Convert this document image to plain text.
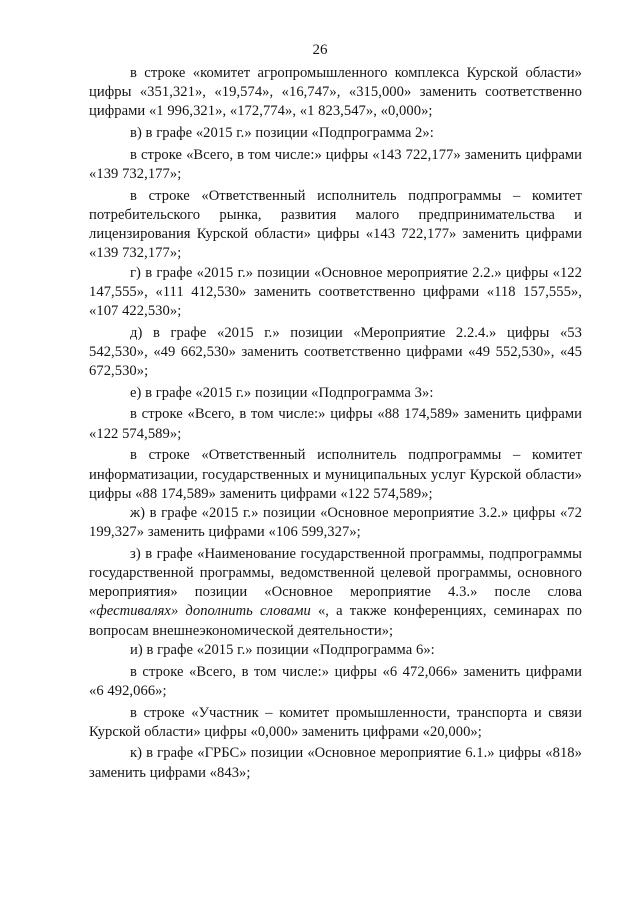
26

в строке «комитет агропромышленного комплекса Курской области» цифры «351,321», «19,574», «16,747», «315,000» заменить соответственно цифрами «1 996,321», «172,774», «1 823,547», «0,000»;

в) в графе «2015 г.» позиции «Подпрограмма 2»:

в строке «Всего, в том числе:» цифры «143 722,177» заменить цифрами «139 732,177»;

в строке «Ответственный исполнитель подпрограммы – комитет потребительского рынка, развития малого предпринимательства и лицензирования Курской области» цифры «143 722,177» заменить цифрами «139 732,177»;

г) в графе «2015 г.» позиции «Основное мероприятие 2.2.» цифры «122 147,555», «111 412,530» заменить соответственно цифрами «118 157,555», «107 422,530»;

д) в графе «2015 г.» позиции «Мероприятие 2.2.4.» цифры «53 542,530», «49 662,530» заменить соответственно цифрами «49 552,530», «45 672,530»;

е) в графе «2015 г.» позиции «Подпрограмма 3»:

в строке «Всего, в том числе:» цифры «88 174,589» заменить цифрами «122 574,589»;

в строке «Ответственный исполнитель подпрограммы – комитет информатизации, государственных и муниципальных услуг Курской области» цифры «88 174,589» заменить цифрами «122 574,589»;

ж) в графе «2015 г.» позиции «Основное мероприятие 3.2.» цифры «72 199,327» заменить цифрами «106 599,327»;

з) в графе «Наименование государственной программы, подпрограммы государственной программы, ведомственной целевой программы, основного мероприятия» позиции «Основное мероприятие 4.3.» после слова «фестивалях» дополнить словами «, а также конференциях, семинарах по вопросам внешнеэкономической деятельности»;

и) в графе «2015 г.» позиции «Подпрограмма 6»:

в строке «Всего, в том числе:» цифры «6 472,066» заменить цифрами «6 492,066»;

в строке «Участник – комитет промышленности, транспорта и связи Курской области» цифры «0,000» заменить цифрами «20,000»;

к) в графе «ГРБС» позиции «Основное мероприятие 6.1.» цифры «818» заменить цифрами «843»;
